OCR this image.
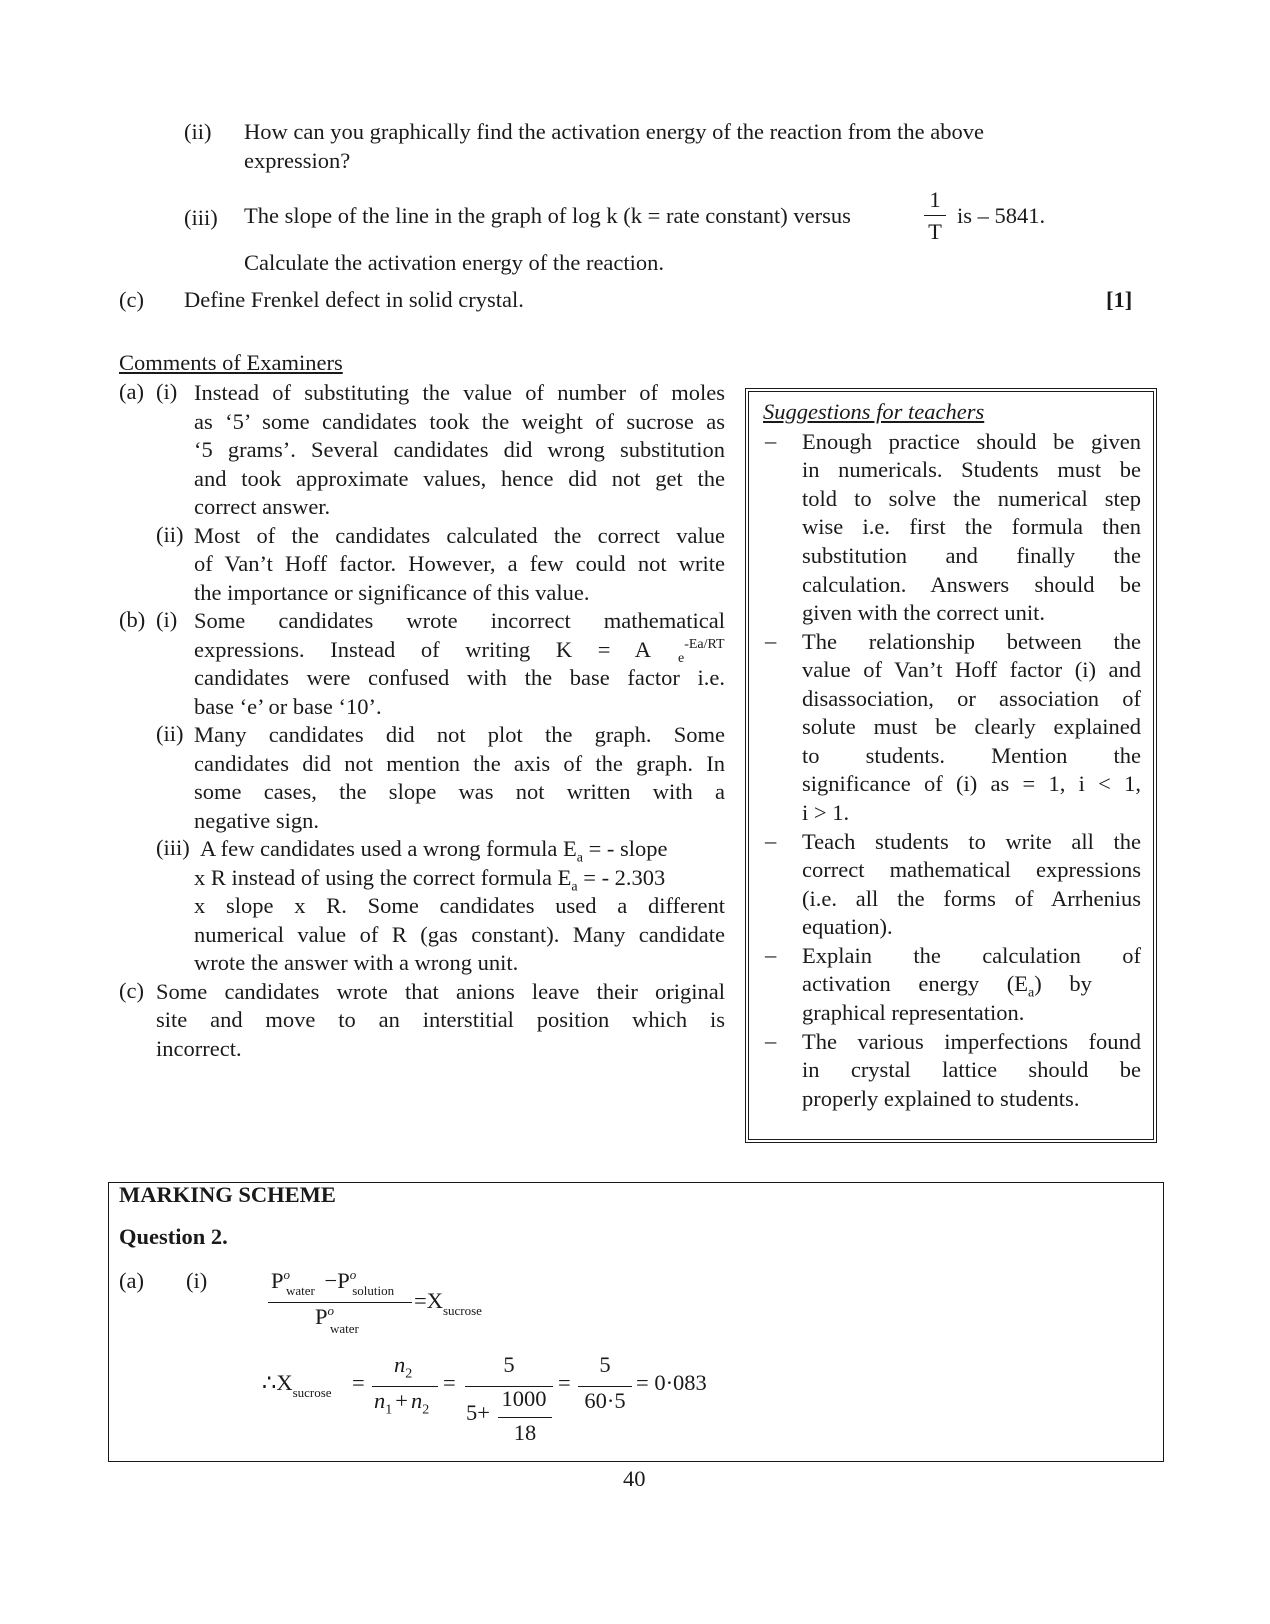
(ii) How can you graphically find the activation energy of the reaction from the above
expression?
(iii) The slope of the line in the graph of log k (k = rate constant) versus
1
T
is – 5841.
Calculate the activation energy of the reaction.
(c) Define Frenkel defect in solid crystal.	[1]
Comments of Examiners
(a) (i) Instead of substituting the value of number of moles
as ‘5’ some candidates took the weight of sucrose as
‘5 grams’. Several candidates did wrong substitution
and took approximate values, hence did not get the
correct answer.
(ii) Most of the candidates calculated the correct value
of Van’t Hoff factor. However, a few could not write
the importance or significance of this value.
(b) (i) Some candidates wrote incorrect mathematical
expressions. Instead of writing K = A $_e^{-Ea/RT}$
candidates were confused with the base factor i.e.
base ‘e’ or base ‘10’.
(ii) Many candidates did not plot the graph. Some
candidates did not mention the axis of the graph. In
some cases, the slope was not written with a
negative sign.
(iii) A few candidates used a wrong formula $E_a$ = - slope
x R instead of using the correct formula $E_a$ = - 2.303
x slope x R. Some candidates used a different
numerical value of R (gas constant). Many candidate
wrote the answer with a wrong unit.
(c) Some candidates wrote that anions leave their original
site and move to an interstitial position which is
incorrect.
Suggestions for teachers
– Enough practice should be given
in numericals. Students must be
told to solve the numerical step
wise i.e. first the formula then
substitution and finally the
calculation. Answers should be
given with the correct unit.
– The relationship between the
value of Van’t Hoff factor (i) and
disassociation, or association of
solute must be clearly explained
to students. Mention the
significance of (i) as = 1, i < 1,
i > 1.
– Teach students to write all the
correct mathematical expressions
(i.e. all the forms of Arrhenius
equation).
– Explain the calculation of
activation energy $(E_a)$ by
graphical representation.
– The various imperfections found
in crystal lattice should be
properly explained to students.
MARKING SCHEME
Question 2.
(a) (i)	$P^o_{water} -P^o_{solution}$
$P^o_{water}$
$=X_{sucrose}$
$\therefore X_{sucrose}$ =
$n_2$
$n_1 + n_2$
=
5
5+
1000
18
=
5
60·5
= 0·083
40
